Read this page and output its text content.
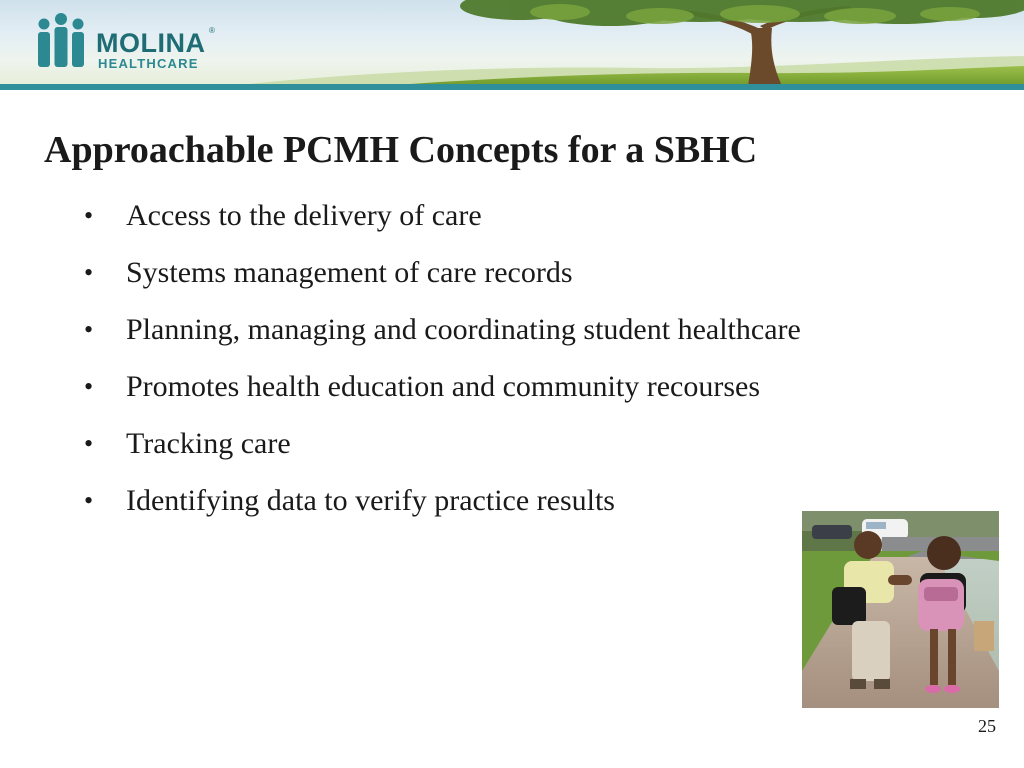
MOLINA ®
HEALTHCARE
Approachable PCMH Concepts for a SBHC
• Access to the delivery of care
• Systems management of care records
• Planning, managing and coordinating student healthcare
• Promotes health education and community recourses
• Tracking care
• Identifying data to verify practice results
25
